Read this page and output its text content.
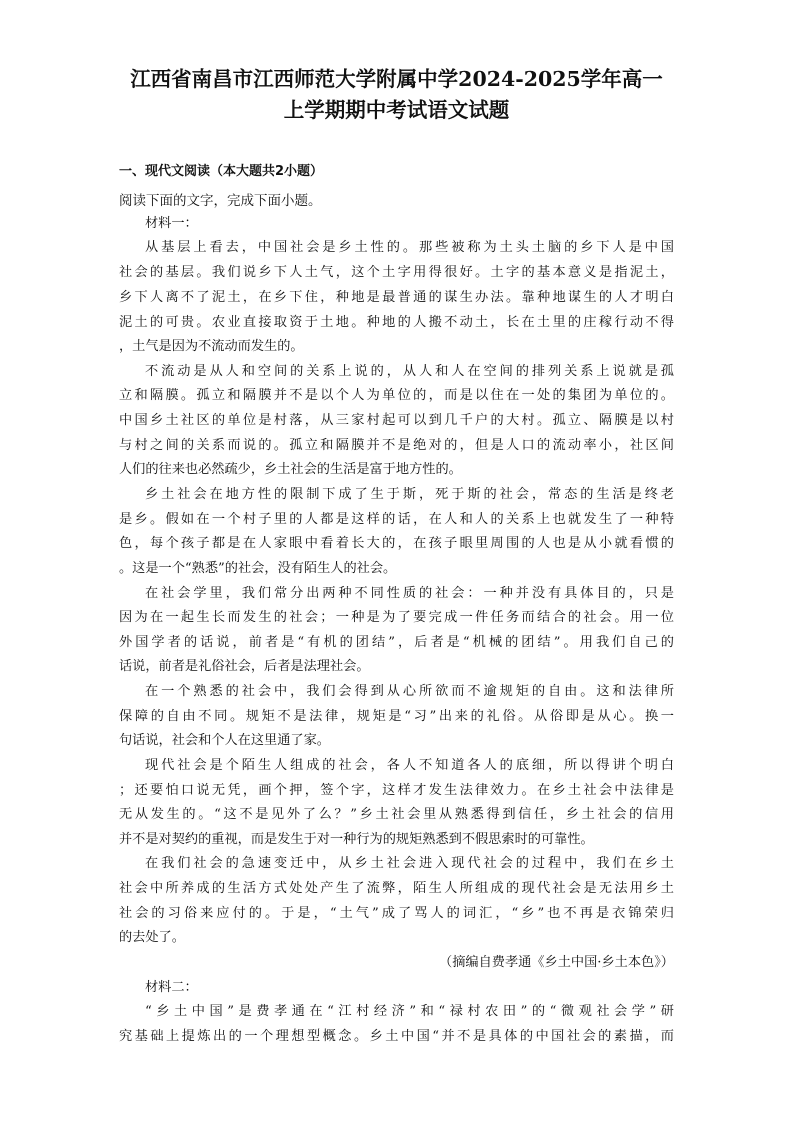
江西省南昌市江西师范大学附属中学2024-2025学年高一
上学期期中考试语文试题
一、现代文阅读（本大题共2小题）
阅读下面的文字，完成下面小题。
材料一：
从基层上看去，中国社会是乡土性的。那些被称为土头土脑的乡下人是中国
社会的基层。我们说乡下人土气，这个土字用得很好。土字的基本意义是指泥土，
乡下人离不了泥土，在乡下住，种地是最普通的谋生办法。靠种地谋生的人才明白
泥土的可贵。农业直接取资于土地。种地的人搬不动土，长在土里的庄稼行动不得
，土气是因为不流动而发生的。
不流动是从人和空间的关系上说的，从人和人在空间的排列关系上说就是孤
立和隔膜。孤立和隔膜并不是以个人为单位的，而是以住在一处的集团为单位的。
中国乡土社区的单位是村落，从三家村起可以到几千户的大村。孤立、隔膜是以村
与村之间的关系而说的。孤立和隔膜并不是绝对的，但是人口的流动率小，社区间
人们的往来也必然疏少，乡土社会的生活是富于地方性的。
乡土社会在地方性的限制下成了生于斯，死于斯的社会，常态的生活是终老
是乡。假如在一个村子里的人都是这样的话，在人和人的关系上也就发生了一种特
色，每个孩子都是在人家眼中看着长大的，在孩子眼里周围的人也是从小就看惯的
。这是一个“熟悉”的社会，没有陌生人的社会。
在社会学里，我们常分出两种不同性质的社会：一种并没有具体目的，只是
因为在一起生长而发生的社会；一种是为了要完成一件任务而结合的社会。用一位
外国学者的话说，前者是“有机的团结”，后者是“机械的团结”。用我们自己的
话说，前者是礼俗社会，后者是法理社会。
在一个熟悉的社会中，我们会得到从心所欲而不逾规矩的自由。这和法律所
保障的自由不同。规矩不是法律，规矩是“习”出来的礼俗。从俗即是从心。换一
句话说，社会和个人在这里通了家。
现代社会是个陌生人组成的社会，各人不知道各人的底细，所以得讲个明白
；还要怕口说无凭，画个押，签个字，这样才发生法律效力。在乡土社会中法律是
无从发生的。“这不是见外了么？”乡土社会里从熟悉得到信任，乡土社会的信用
并不是对契约的重视，而是发生于对一种行为的规矩熟悉到不假思索时的可靠性。
在我们社会的急速变迁中，从乡土社会进入现代社会的过程中，我们在乡土
社会中所养成的生活方式处处产生了流弊，陌生人所组成的现代社会是无法用乡土
社会的习俗来应付的。于是，“土气”成了骂人的词汇，“乡”也不再是衣锦荣归
的去处了。
（摘编自费孝通《乡土中国·乡土本色》）
材料二：
“乡土中国”是费孝通在“江村经济”和“禄村农田”的“微观社会学”研
究基础上提炼出的一个理想型概念。乡土中国“并不是具体的中国社会的素描，而
